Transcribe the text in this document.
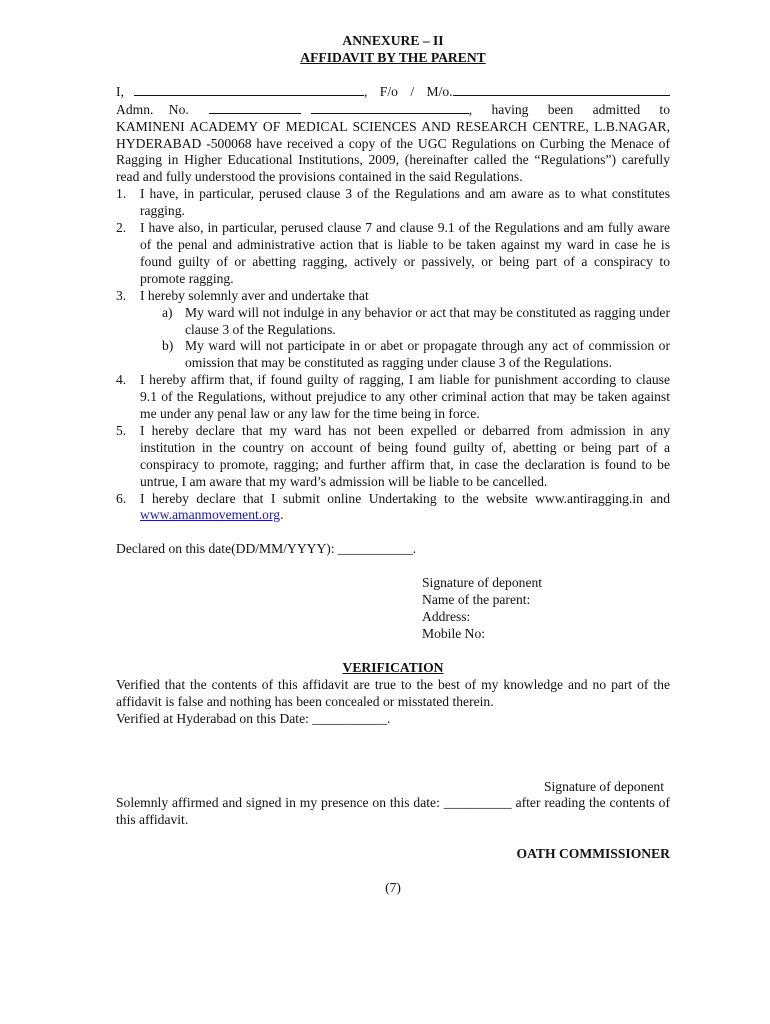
ANNEXURE – II
AFFIDAVIT BY THE PARENT
I,	, F/o / M/o.
Admn. No.	, having been admitted to

KAMINENI ACADEMY OF MEDICAL SCIENCES AND RESEARCH CENTRE, L.B.NAGAR, HYDERABAD -500068 have received a copy of the UGC Regulations on Curbing the Menace of Ragging in Higher Educational Institutions, 2009, (hereinafter called the “Regulations”) carefully read and fully understood the provisions contained in the said Regulations.

1. I have, in particular, perused clause 3 of the Regulations and am aware as to what constitutes ragging.
2. I have also, in particular, perused clause 7 and clause 9.1 of the Regulations and am fully aware of the penal and administrative action that is liable to be taken against my ward in case he is found guilty of or abetting ragging, actively or passively, or being part of a conspiracy to promote ragging.
3. I hereby solemnly aver and undertake that
a) My ward will not indulge in any behavior or act that may be constituted as ragging under clause 3 of the Regulations.
b) My ward will not participate in or abet or propagate through any act of commission or omission that may be constituted as ragging under clause 3 of the Regulations.
4. I hereby affirm that, if found guilty of ragging, I am liable for punishment according to clause 9.1 of the Regulations, without prejudice to any other criminal action that may be taken against me under any penal law or any law for the time being in force.
5. I hereby declare that my ward has not been expelled or debarred from admission in any institution in the country on account of being found guilty of, abetting or being part of a conspiracy to promote, ragging; and further affirm that, in case the declaration is found to be untrue, I am aware that my ward’s admission will be liable to be cancelled.
6. I hereby declare that I submit online Undertaking to the website www.antiragging.in and www.amanmovement.org.

Declared on this date(DD/MM/YYYY): ___________.

Signature of deponent
Name of the parent:
Address:
Mobile No:
VERIFICATION

Verified that the contents of this affidavit are true to the best of my knowledge and no part of the affidavit is false and nothing has been concealed or misstated therein.

Verified at Hyderabad on this Date: ___________.

Signature of deponent

Solemnly affirmed and signed in my presence on this date: __________ after reading the contents of this affidavit.

OATH COMMISSIONER
(7)
